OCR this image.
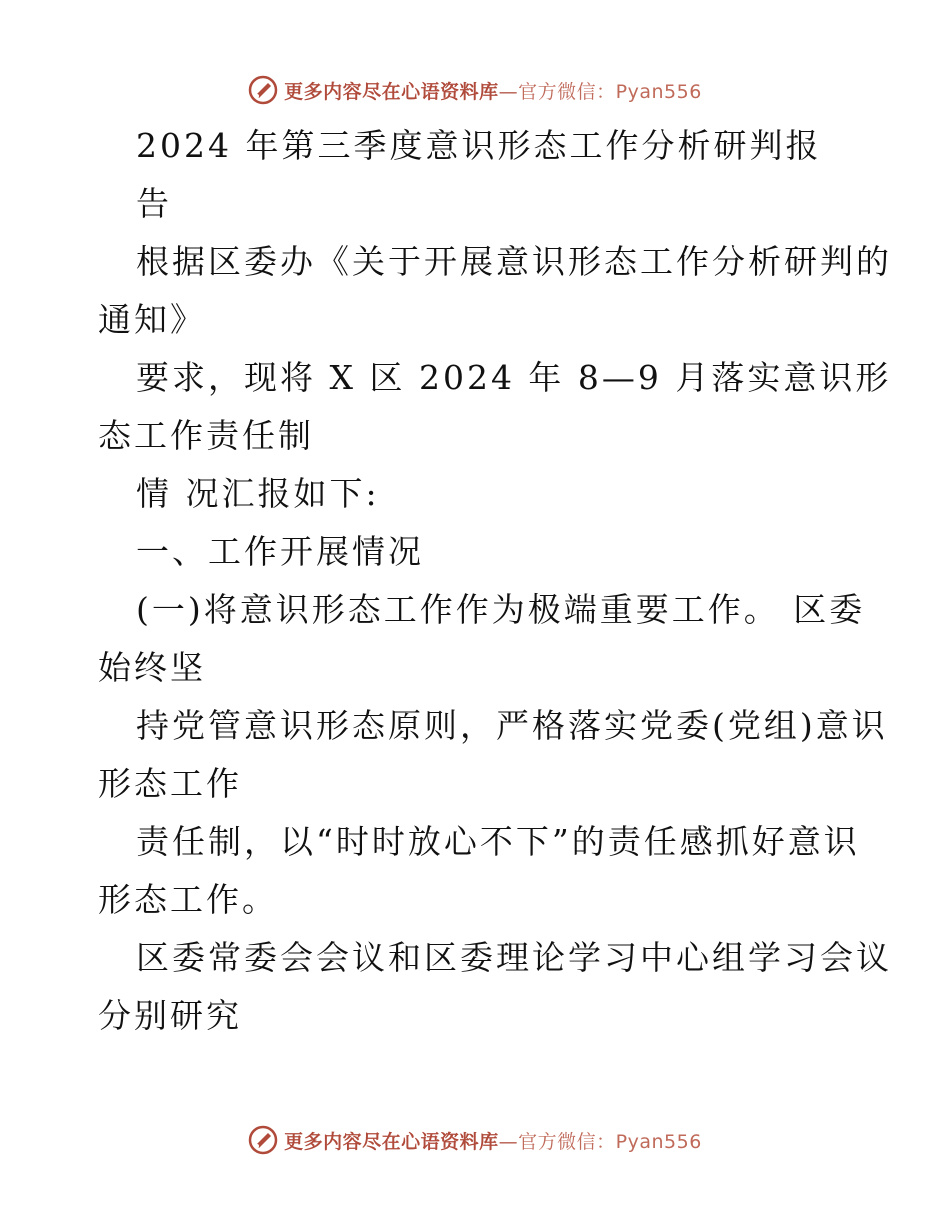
更多内容尽在心语资料库—官方微信：Pyan556
2024 年第三季度意识形态工作分析研判报
告
根据区委办《关于开展意识形态工作分析研判的
通知》
要求，现将 X 区 2024 年 8—9 月落实意识形
态工作责任制
情 况汇报如下:
一、工作开展情况
(一)将意识形态工作作为极端重要工作。 区委
始终坚
持党管意识形态原则，严格落实党委(党组)意识
形态工作
责任制，以“时时放心不下”的责任感抓好意识
形态工作。
区委常委会会议和区委理论学习中心组学习会议
分别研究
更多内容尽在心语资料库—官方微信：Pyan556
